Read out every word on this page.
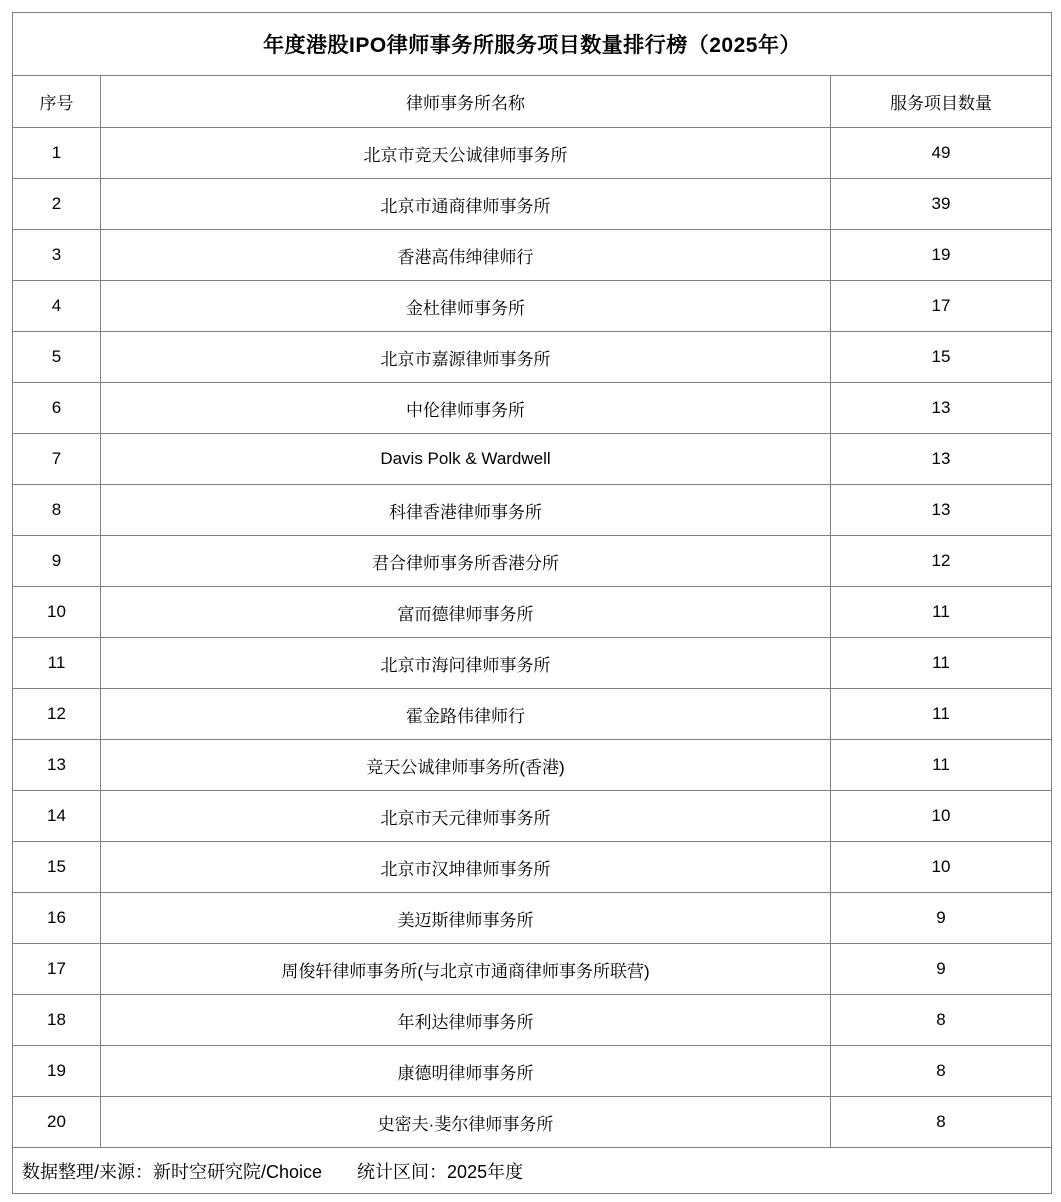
年度港股IPO律师事务所服务项目数量排行榜（2025年）		
序号	律师事务所名称	服务项目数量
1	北京市竞天公诚律师事务所	49
2	北京市通商律师事务所	39
3	香港高伟绅律师行	19
4	金杜律师事务所	17
5	北京市嘉源律师事务所	15
6	中伦律师事务所	13
7	Davis Polk & Wardwell	13
8	科律香港律师事务所	13
9	君合律师事务所香港分所	12
10	富而德律师事务所	11
11	北京市海问律师事务所	11
12	霍金路伟律师行	11
13	竞天公诚律师事务所(香港)	11
14	北京市天元律师事务所	10
15	北京市汉坤律师事务所	10
16	美迈斯律师事务所	9
17	周俊轩律师事务所(与北京市通商律师事务所联营)	9
18	年利达律师事务所	8
19	康德明律师事务所	8
20	史密夫·斐尔律师事务所	8
数据整理/来源：新时空研究院/Choice 统计区间：2025年度		
